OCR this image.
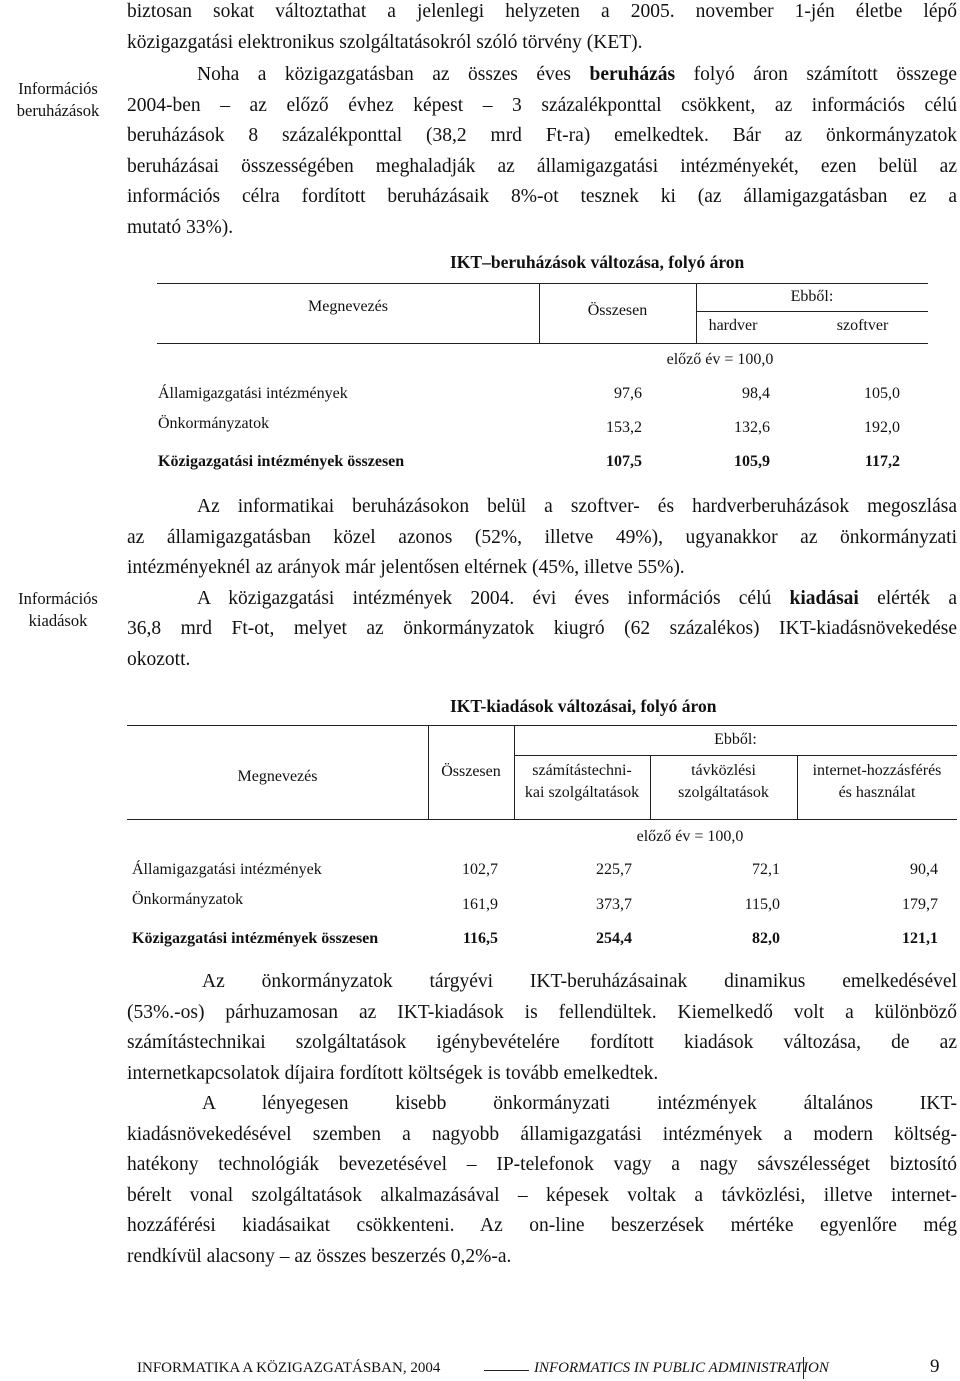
biztosan sokat változtathat a jelenlegi helyzeten a 2005. november 1-jén életbe lépő
közigazgatási elektronikus szolgáltatásokról szóló törvény (KET).
Információs
beruházások
Noha a közigazgatásban az összes éves beruházás folyó áron számított összege
2004-ben – az előző évhez képest – 3 százalékponttal csökkent, az információs célú
beruházások 8 százalékponttal (38,2 mrd Ft-ra) emelkedtek. Bár az önkormányzatok
beruházásai összességében meghaladják az államigazgatási intézményekét, ezen belül az
információs célra fordított beruházásaik 8%-ot tesznek ki (az államigazgatásban ez a
mutató 33%).
IKT–beruházások változása, folyó áron
Megnevezés	Összesen
Ebből:
hardver	szoftver
előző év = 100,0
Államigazgatási intézmények	97,6	98,4	105,0
Önkormányzatok	153,2	132,6	192,0
Közigazgatási intézmények összesen	107,5	105,9	117,2
Információs
kiadások
Az informatikai beruházásokon belül a szoftver- és hardverberuházások megoszlása
az államigazgatásban közel azonos (52%, illetve 49%), ugyanakkor az önkormányzati
intézményeknél az arányok már jelentősen eltérnek (45%, illetve 55%).
A közigazgatási intézmények 2004. évi éves információs célú kiadásai elérték a
36,8 mrd Ft-ot, melyet az önkormányzatok kiugró (62 százalékos) IKT-kiadásnövekedése
okozott.
IKT-kiadások változásai, folyó áron
Megnevezés	Összesen
Ebből:
számítástechni-
kai szolgáltatások
távközlési
szolgáltatások
internet-hozzásférés
és használat
előző év = 100,0
Államigazgatási intézmények	102,7	225,7	72,1	90,4
Önkormányzatok	161,9	373,7	115,0	179,7
Közigazgatási intézmények összesen	116,5	254,4	82,0	121,1
Az önkormányzatok tárgyévi IKT-beruházásainak dinamikus emelkedésével
(53%.-os) párhuzamosan az IKT-kiadások is fellendültek. Kiemelkedő volt a különböző
számítástechnikai szolgáltatások igénybevételére fordított kiadások változása, de az
internetkapcsolatok díjaira fordított költségek is tovább emelkedtek.
A lényegesen kisebb önkormányzati intézmények általános IKT-
kiadásnövekedésével szemben a nagyobb államigazgatási intézmények a modern költség-
hatékony technológiák bevezetésével – IP-telefonok vagy a nagy sávszélességet biztosító
bérelt vonal szolgáltatások alkalmazásával – képesek voltak a távközlési, illetve internet-
hozzáférési kiadásaikat csökkenteni. Az on-line beszerzések mértéke egyenlőre még
rendkívül alacsony – az összes beszerzés 0,2%-a.
INFORMATIKA A KÖZIGAZGATÁSBAN, 2004	INFORMATICS IN PUBLIC ADMINISTRATION	9
